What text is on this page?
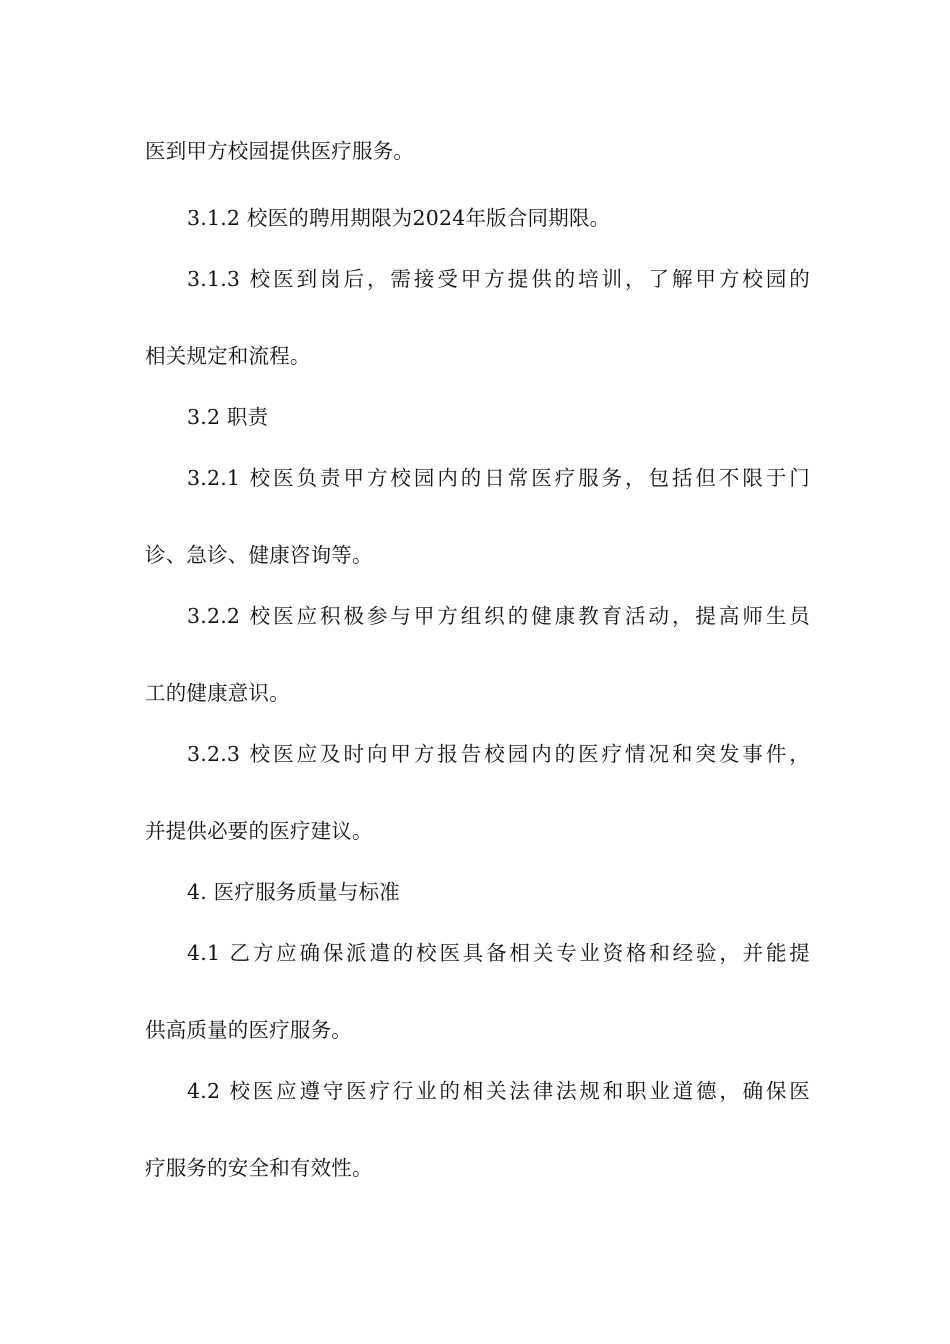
医到甲方校园提供医疗服务。
3.1.2 校医的聘用期限为2024年版合同期限。
3.1.3 校医到岗后，需接受甲方提供的培训，了解甲方校园的
相关规定和流程。
3.2 职责
3.2.1 校医负责甲方校园内的日常医疗服务，包括但不限于门
诊、急诊、健康咨询等。
3.2.2 校医应积极参与甲方组织的健康教育活动，提高师生员
工的健康意识。
3.2.3 校医应及时向甲方报告校园内的医疗情况和突发事件，
并提供必要的医疗建议。
4. 医疗服务质量与标准
4.1 乙方应确保派遣的校医具备相关专业资格和经验，并能提
供高质量的医疗服务。
4.2 校医应遵守医疗行业的相关法律法规和职业道德，确保医
疗服务的安全和有效性。
